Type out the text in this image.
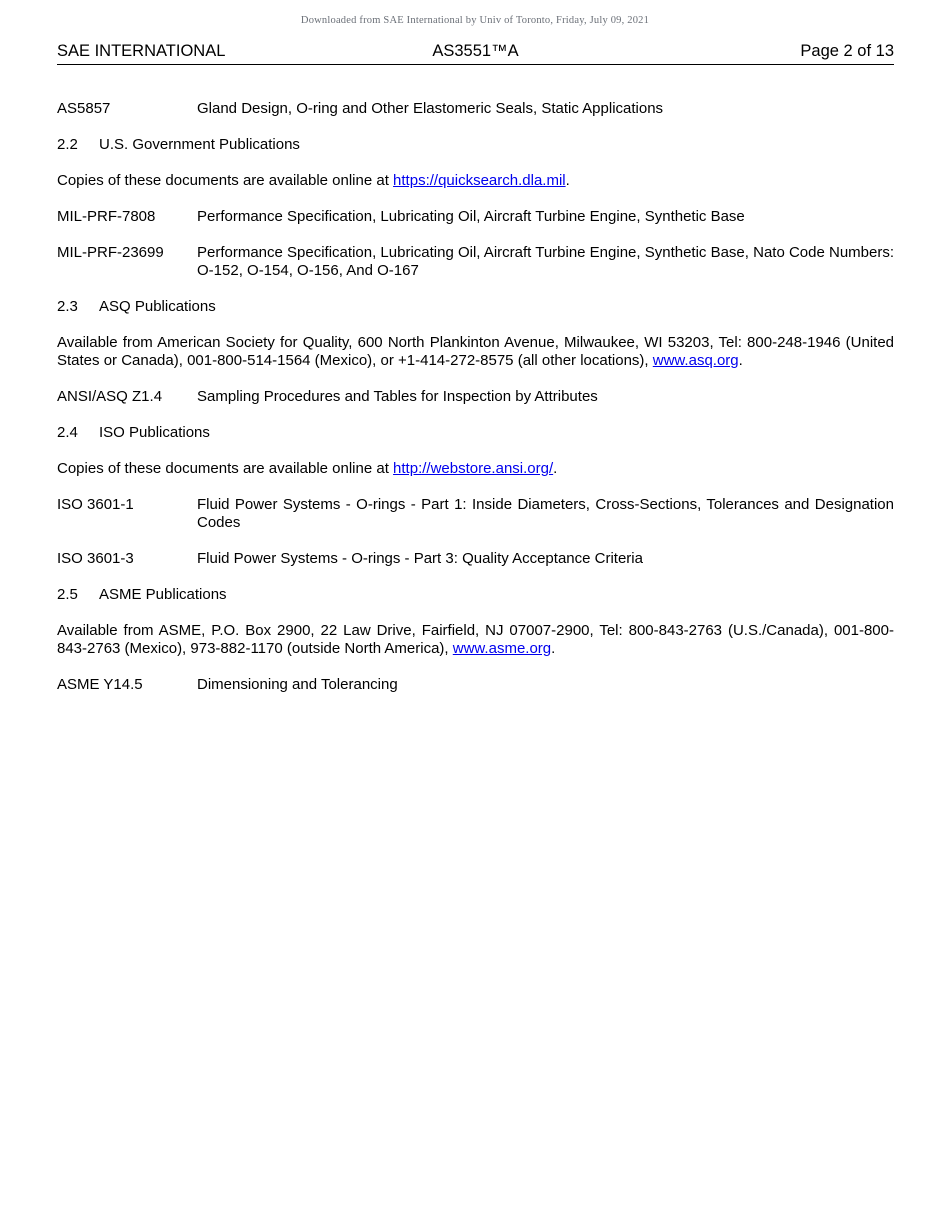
Downloaded from SAE International by Univ of Toronto, Friday, July 09, 2021
SAE INTERNATIONAL	AS3551™A	Page 2 of 13
AS5857	Gland Design, O-ring and Other Elastomeric Seals, Static Applications
2.2 U.S. Government Publications

Copies of these documents are available online at https://quicksearch.dla.mil.

MIL-PRF-7808	Performance Specification, Lubricating Oil, Aircraft Turbine Engine, Synthetic Base
MIL-PRF-23699	Performance Specification, Lubricating Oil, Aircraft Turbine Engine, Synthetic Base, Nato Code Numbers: O-152, O-154, O-156, And O-167
2.3 ASQ Publications

Available from American Society for Quality, 600 North Plankinton Avenue, Milwaukee, WI 53203, Tel: 800-248-1946 (United States or Canada), 001-800-514-1564 (Mexico), or +1-414-272-8575 (all other locations), www.asq.org.

ANSI/ASQ Z1.4	Sampling Procedures and Tables for Inspection by Attributes
2.4 ISO Publications

Copies of these documents are available online at http://webstore.ansi.org/.

ISO 3601-1	Fluid Power Systems - O-rings - Part 1: Inside Diameters, Cross-Sections, Tolerances and Designation Codes
ISO 3601-3	Fluid Power Systems - O-rings - Part 3: Quality Acceptance Criteria
2.5 ASME Publications

Available from ASME, P.O. Box 2900, 22 Law Drive, Fairfield, NJ 07007-2900, Tel: 800-843-2763 (U.S./Canada), 001-800-843-2763 (Mexico), 973-882-1170 (outside North America), www.asme.org.

ASME Y14.5	Dimensioning and Tolerancing
